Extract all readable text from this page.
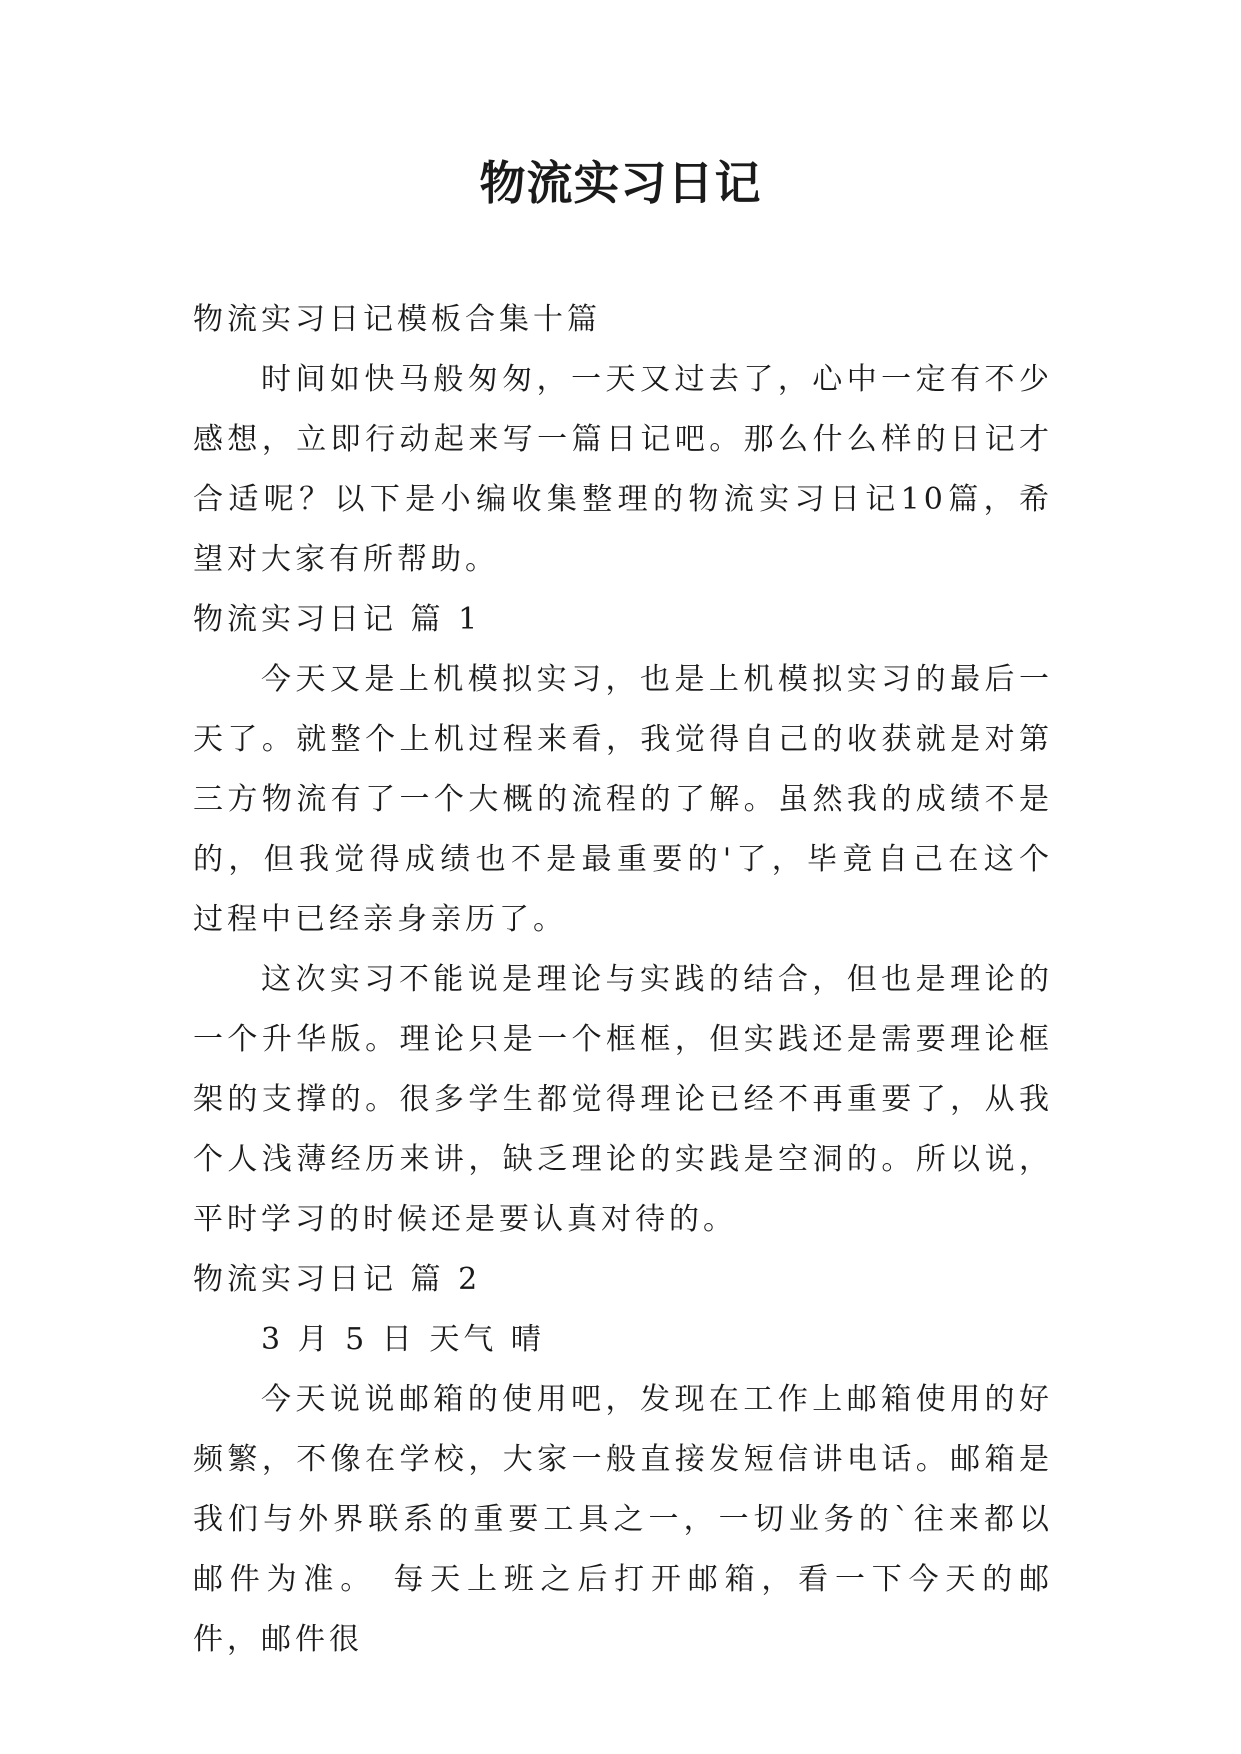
物流实习日记
物流实习日记模板合集十篇

时间如快马般匆匆，一天又过去了，心中一定有不少感想，立即行动起来写一篇日记吧。那么什么样的日记才合适呢？以下是小编收集整理的物流实习日记10篇，希望对大家有所帮助。

物流实习日记 篇 1

今天又是上机模拟实习，也是上机模拟实习的最后一天了。就整个上机过程来看，我觉得自己的收获就是对第三方物流有了一个大概的流程的了解。虽然我的成绩不是的，但我觉得成绩也不是最重要的'了，毕竟自己在这个过程中已经亲身亲历了。

这次实习不能说是理论与实践的结合，但也是理论的一个升华版。理论只是一个框框，但实践还是需要理论框架的支撑的。很多学生都觉得理论已经不再重要了，从我个人浅薄经历来讲，缺乏理论的实践是空洞的。所以说，平时学习的时候还是要认真对待的。

物流实习日记 篇 2
3 月 5 日 天气 晴

今天说说邮箱的使用吧，发现在工作上邮箱使用的好频繁，不像在学校，大家一般直接发短信讲电话。邮箱是我们与外界联系的重要工具之一，一切业务的`往来都以邮件为准。 每天上班之后打开邮箱，看一下今天的邮件，邮件很
